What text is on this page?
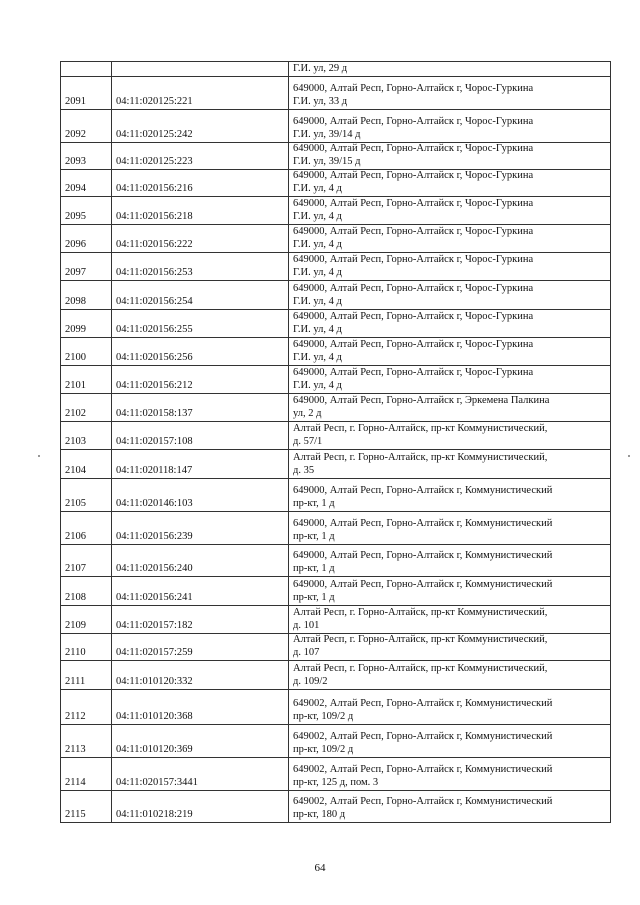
		Г.И. ул, 29 д

2091	04:11:020125:221	649000, Алтай Респ, Горно-Алтайск г, Чорос-Гуркина
Г.И. ул, 33 д

2092	04:11:020125:242	649000, Алтай Респ, Горно-Алтайск г, Чорос-Гуркина
Г.И. ул, 39/14 д

2093	04:11:020125:223	649000, Алтай Респ, Горно-Алтайск г, Чорос-Гуркина
Г.И. ул, 39/15 д

2094	04:11:020156:216	649000, Алтай Респ, Горно-Алтайск г, Чорос-Гуркина
Г.И. ул, 4 д

2095	04:11:020156:218	649000, Алтай Респ, Горно-Алтайск г, Чорос-Гуркина
Г.И. ул, 4 д

2096	04:11:020156:222	649000, Алтай Респ, Горно-Алтайск г, Чорос-Гуркина
Г.И. ул, 4 д

2097	04:11:020156:253	649000, Алтай Респ, Горно-Алтайск г, Чорос-Гуркина
Г.И. ул, 4 д

2098	04:11:020156:254	649000, Алтай Респ, Горно-Алтайск г, Чорос-Гуркина
Г.И. ул, 4 д

2099	04:11:020156:255	649000, Алтай Респ, Горно-Алтайск г, Чорос-Гуркина
Г.И. ул, 4 д

2100	04:11:020156:256	649000, Алтай Респ, Горно-Алтайск г, Чорос-Гуркина
Г.И. ул, 4 д

2101	04:11:020156:212	649000, Алтай Респ, Горно-Алтайск г, Чорос-Гуркина
Г.И. ул, 4 д

2102	04:11:020158:137	649000, Алтай Респ, Горно-Алтайск г, Эркемена Палкина
ул, 2 д

2103	04:11:020157:108	Алтай Респ, г. Горно-Алтайск, пр-кт Коммунистический,
д. 57/1

2104	04:11:020118:147	Алтай Респ, г. Горно-Алтайск, пр-кт Коммунистический,
д. 35

2105	04:11:020146:103	649000, Алтай Респ, Горно-Алтайск г, Коммунистический
пр-кт, 1 д

2106	04:11:020156:239	649000, Алтай Респ, Горно-Алтайск г, Коммунистический
пр-кт, 1 д

2107	04:11:020156:240	649000, Алтай Респ, Горно-Алтайск г, Коммунистический
пр-кт, 1 д

2108	04:11:020156:241	649000, Алтай Респ, Горно-Алтайск г, Коммунистический
пр-кт, 1 д

2109	04:11:020157:182	Алтай Респ, г. Горно-Алтайск, пр-кт Коммунистический,
д. 101

2110	04:11:020157:259	Алтай Респ, г. Горно-Алтайск, пр-кт Коммунистический,
д. 107

2111	04:11:010120:332	Алтай Респ, г. Горно-Алтайск, пр-кт Коммунистический,
д. 109/2

2112	04:11:010120:368	649002, Алтай Респ, Горно-Алтайск г, Коммунистический
пр-кт, 109/2 д

2113	04:11:010120:369	649002, Алтай Респ, Горно-Алтайск г, Коммунистический
пр-кт, 109/2 д

2114	04:11:020157:3441	649002, Алтай Респ, Горно-Алтайск г, Коммунистический
пр-кт, 125 д, пом. 3

2115	04:11:010218:219	649002, Алтай Респ, Горно-Алтайск г, Коммунистический
пр-кт, 180 д
64
